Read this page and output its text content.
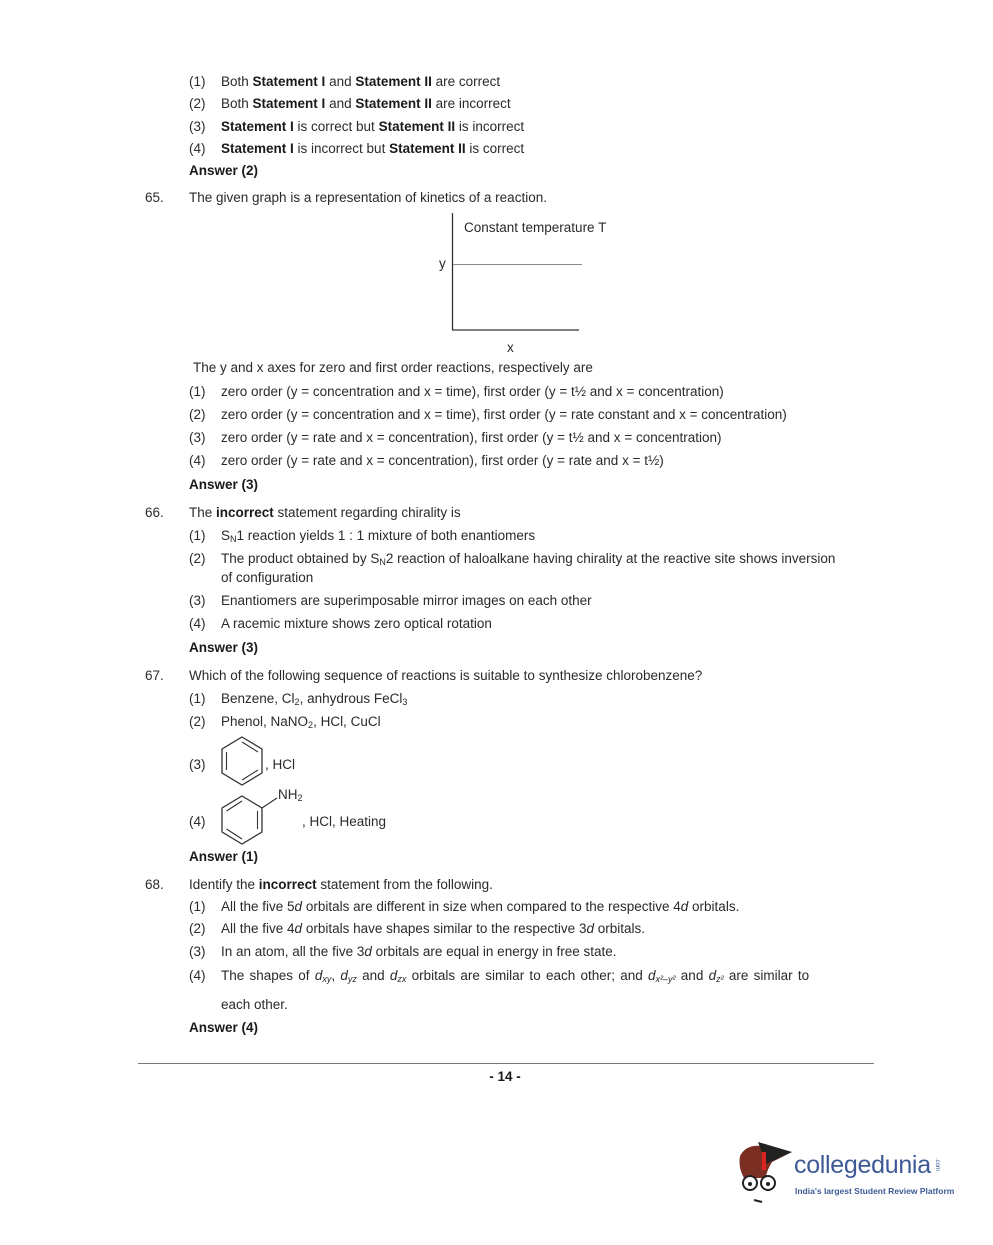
(1) Both Statement I and Statement II are correct
(2) Both Statement I and Statement II are incorrect
(3) Statement I is correct but Statement II is incorrect
(4) Statement I is incorrect but Statement II is correct
Answer (2)
65. The given graph is a representation of kinetics of a reaction.
Constant temperature T
y
x
The y and x axes for zero and first order reactions, respectively are
(1) zero order (y = concentration and x = time), first order (y = t½ and x = concentration)
(2) zero order (y = concentration and x = time), first order (y = rate constant and x = concentration)
(3) zero order (y = rate and x = concentration), first order (y = t½ and x = concentration)
(4) zero order (y = rate and x = concentration), first order (y = rate and x = t½)
Answer (3)
66. The incorrect statement regarding chirality is
(1) $S_N1$ reaction yields 1 : 1 mixture of both enantiomers
(2) The product obtained by $S_N2$ reaction of haloalkane having chirality at the reactive site shows inversion
of configuration
(3) Enantiomers are superimposable mirror images on each other
(4) A racemic mixture shows zero optical rotation
Answer (3)
67. Which of the following sequence of reactions is suitable to synthesize chlorobenzene?
(1) Benzene, $Cl_2$, anhydrous FeCl$_3$
(2) Phenol, NaNO$_2$, HCl, CuCl
(3)	, HCl
(4)
$NH_2$
, HCl, Heating
Answer (1)
68. Identify the incorrect statement from the following.
(1) All the five 5d orbitals are different in size when compared to the respective 4d orbitals.
(2) All the five 4d orbitals have shapes similar to the respective 3d orbitals.
(3) In an atom, all the five 3d orbitals are equal in energy in free state.
(4) The shapes of $d_{xy}$, $d_{yz}$ and $d_{zx}$ orbitals are similar to each other; and $d_{x^2-y^2}$ and $d_{z^2}$ are similar to
each other.
Answer (4)
- 14 -
collegedunia .com
India's largest Student Review Platform
